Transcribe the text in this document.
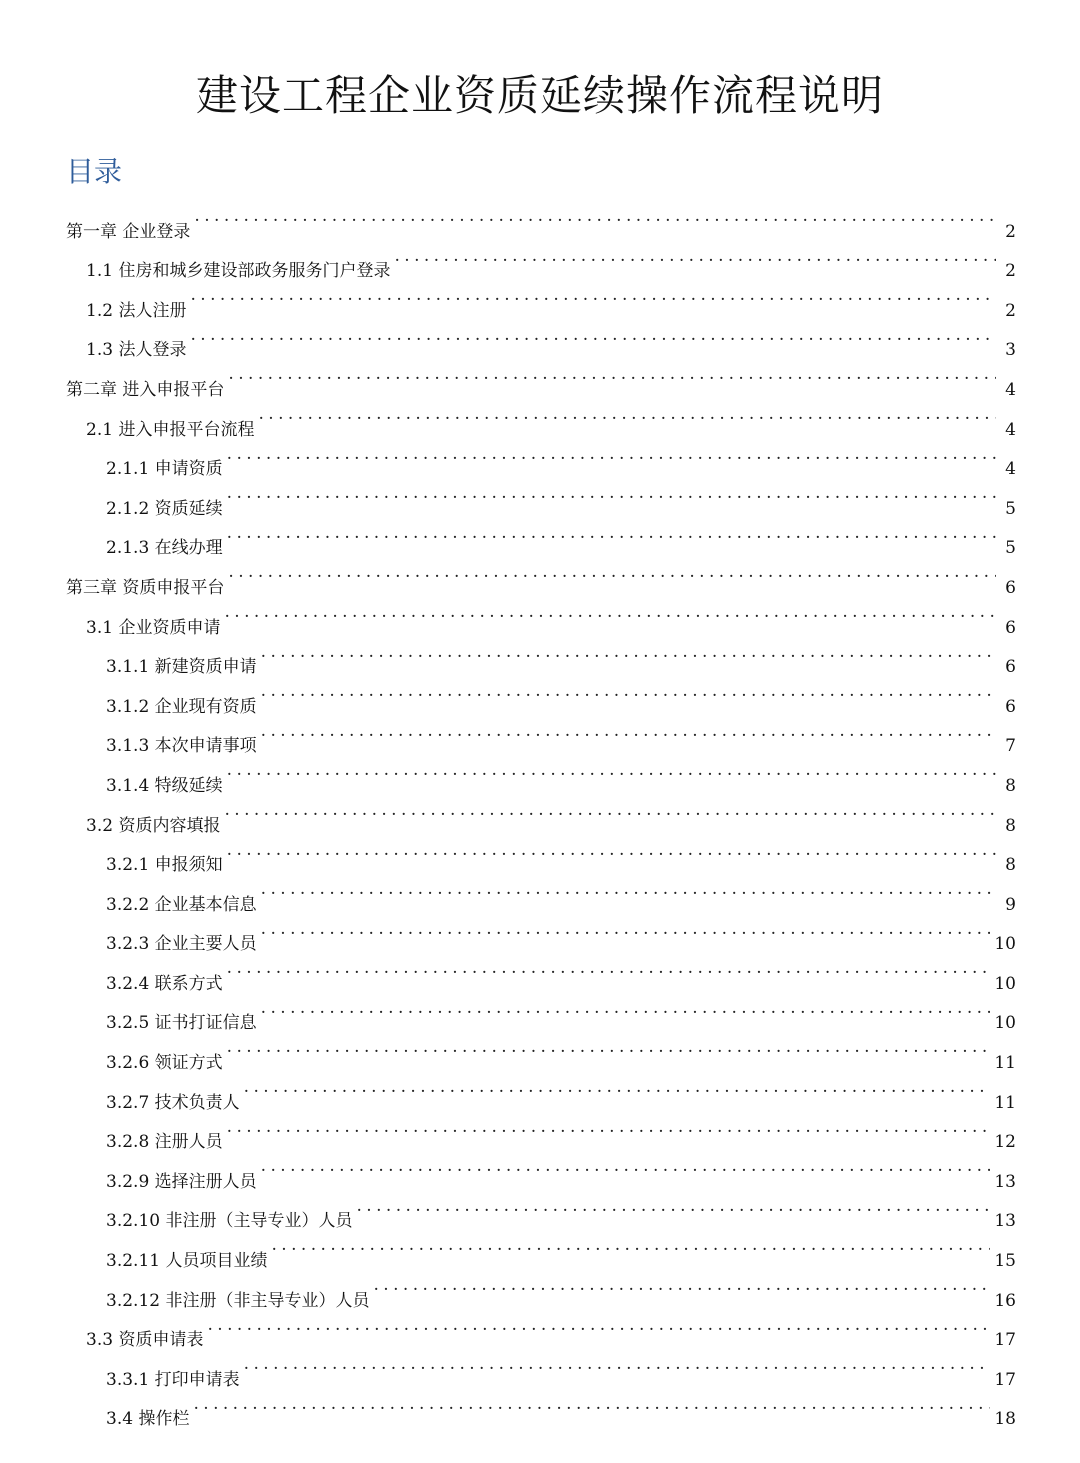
建设工程企业资质延续操作流程说明
目录
第一章 企业登录 . . .	2
1.1 住房和城乡建设部政务服务门户登录 . . .	2
1.2 法人注册 . . .	2
1.3 法人登录 . . .	3
第二章 进入申报平台 . . .	4
2.1 进入申报平台流程 . . .	4
2.1.1 申请资质 . . .	4
2.1.2 资质延续 . . .	5
2.1.3 在线办理 . . .	5
第三章 资质申报平台 . . .	6
3.1 企业资质申请 . . .	6
3.1.1 新建资质申请 . . .	6
3.1.2 企业现有资质 . . .	6
3.1.3 本次申请事项 . . .	7
3.1.4 特级延续 . . .	8
3.2 资质内容填报 . . .	8
3.2.1 申报须知 . . .	8
3.2.2 企业基本信息 . . .	9
3.2.3 企业主要人员 . . .	10
3.2.4 联系方式 . . .	10
3.2.5 证书打证信息 . . .	10
3.2.6 领证方式 . . .	11
3.2.7 技术负责人 . . .	11
3.2.8 注册人员 . . .	12
3.2.9 选择注册人员 . . .	13
3.2.10 非注册（主导专业）人员 . . .	13
3.2.11 人员项目业绩 . . .	15
3.2.12 非注册（非主导专业）人员 . . .	16
3.3 资质申请表 . . .	17
3.3.1 打印申请表 . . .	17
3.4 操作栏 . . .	18
